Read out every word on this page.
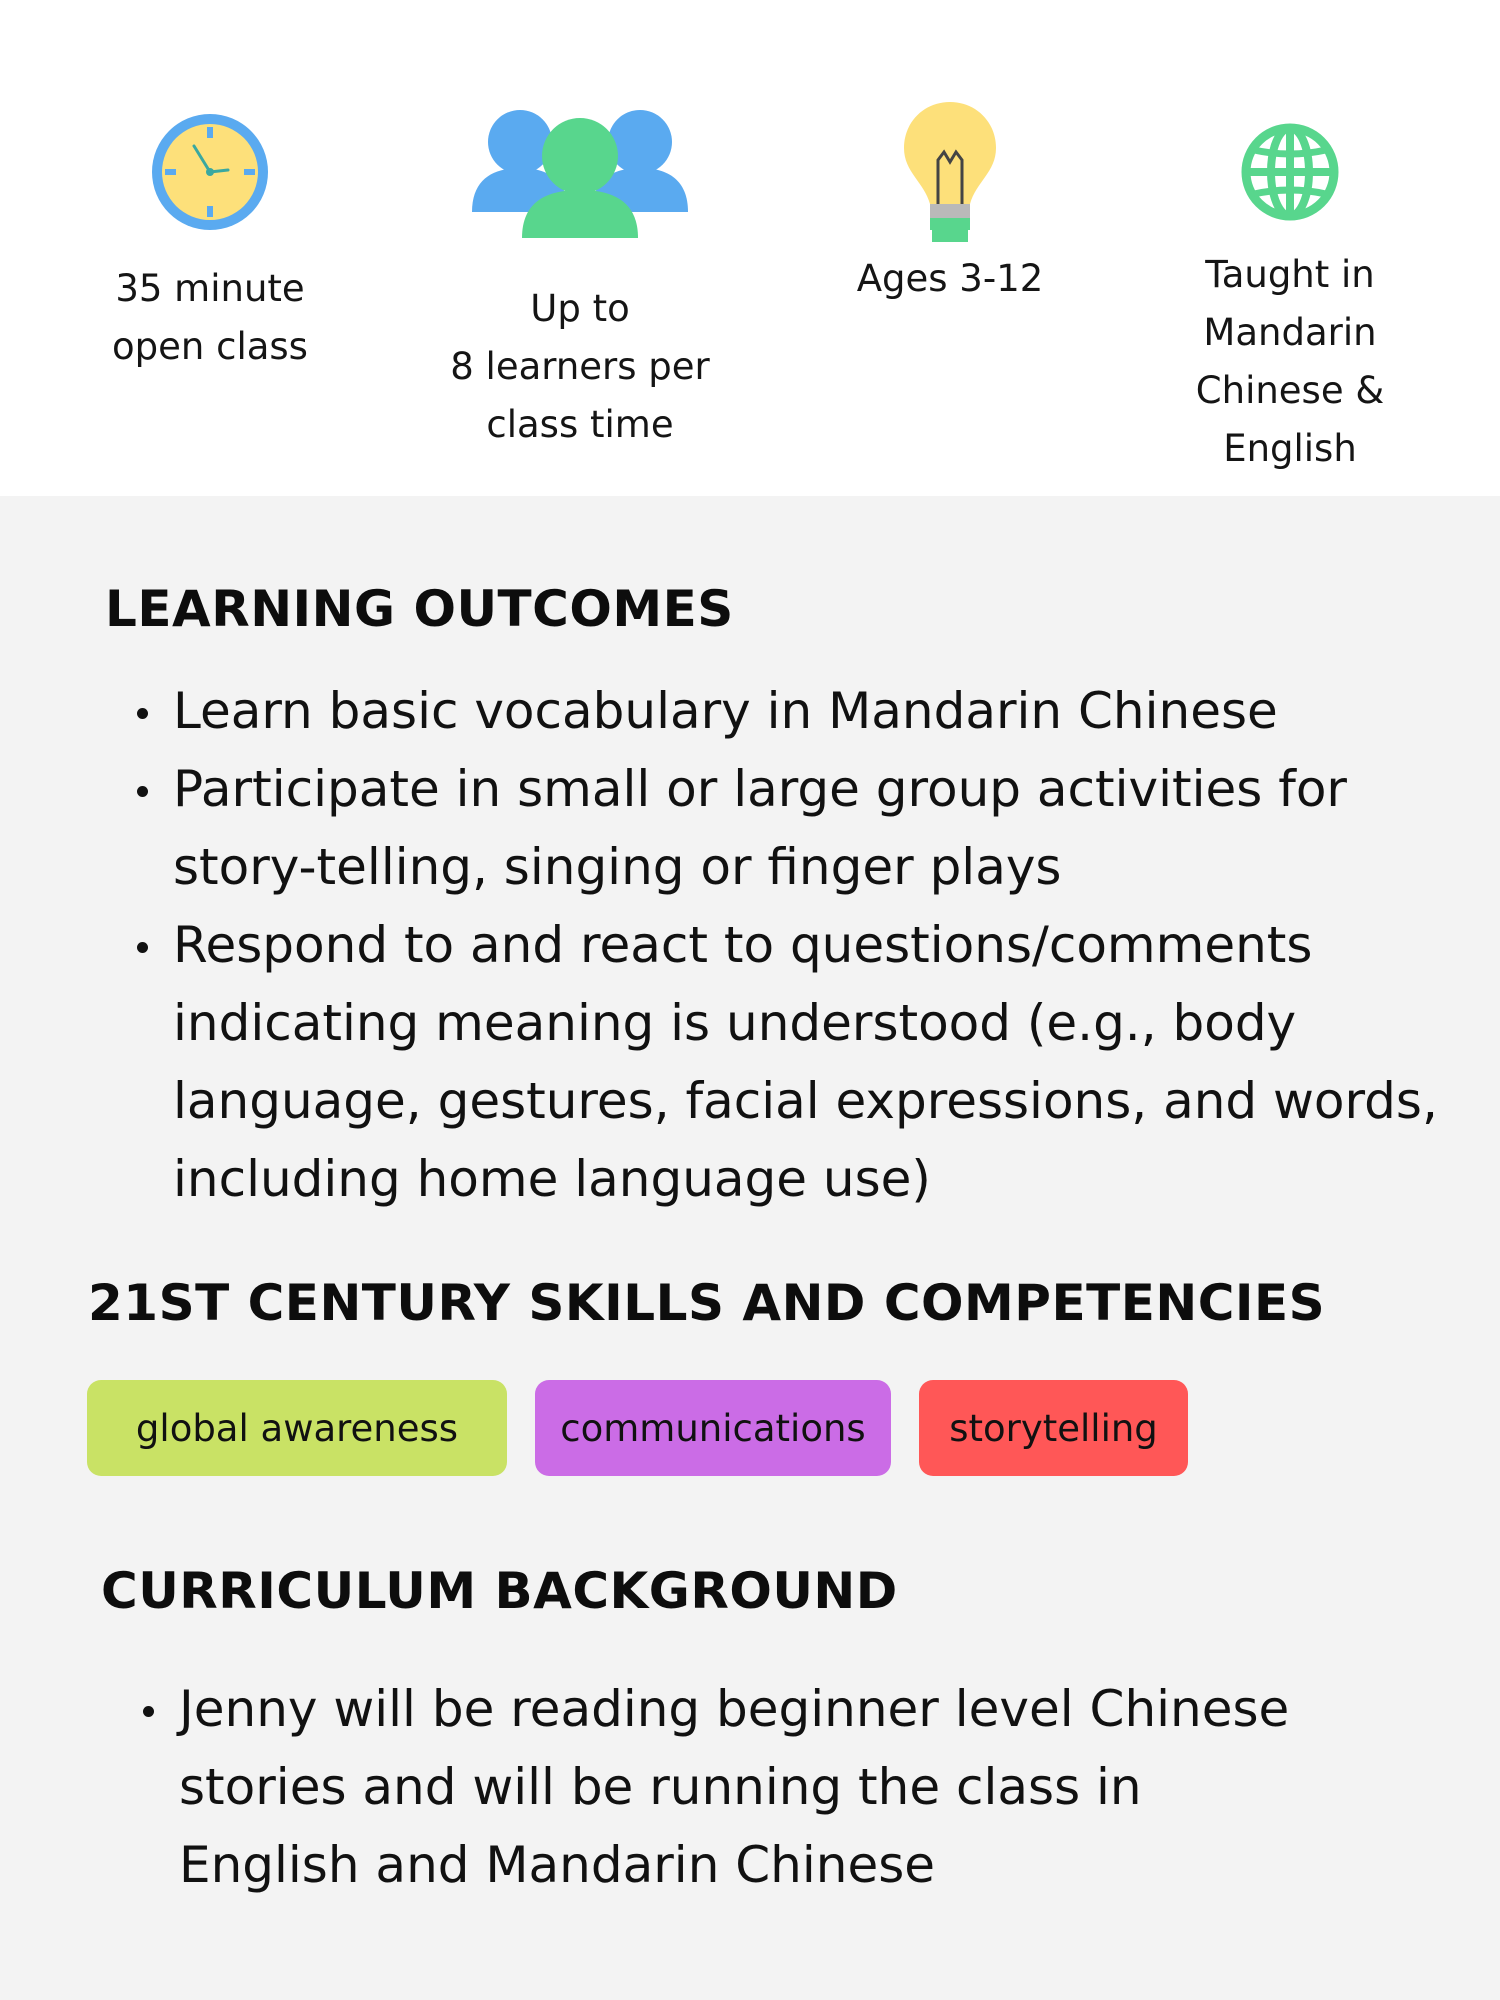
35 minute
open class
Up to
8 learners per
class time
Ages 3-12	Taught in
Mandarin
Chinese &
English
LEARNING OUTCOMES
Learn basic vocabulary in Mandarin Chinese
Participate in small or large group activities for story-telling, singing or finger plays
Respond to and react to questions/comments indicating meaning is understood (e.g., body language, gestures, facial expressions, and words, including home language use)
21ST CENTURY SKILLS AND COMPETENCIES
global awareness	communications	storytelling
CURRICULUM BACKGROUND
Jenny will be reading beginner level Chinese stories and will be running the class in English and Mandarin Chinese
